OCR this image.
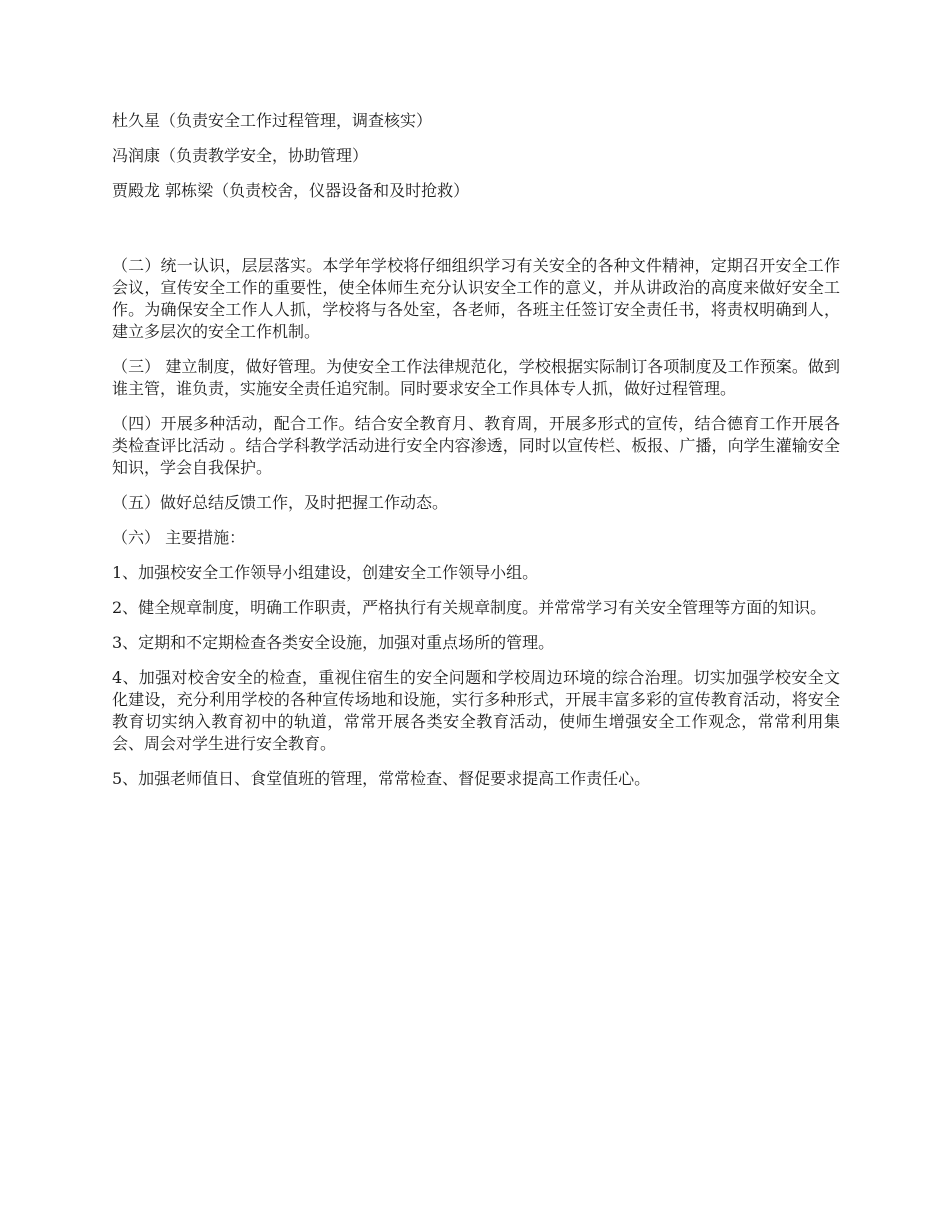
杜久星（负责安全工作过程管理，调查核实）

冯润康（负责教学安全，协助管理）

贾殿龙 郭栋梁（负责校舍，仪器设备和及时抢救）

（二）统一认识，层层落实。本学年学校将仔细组织学习有关安全的各种文件精神，定期召开安全工作会议，宣传安全工作的重要性，使全体师生充分认识安全工作的意义，并从讲政治的高度来做好安全工作。为确保安全工作人人抓，学校将与各处室，各老师，各班主任签订安全责任书，将责权明确到人，建立多层次的安全工作机制。

（三） 建立制度，做好管理。为使安全工作法律规范化，学校根据实际制订各项制度及工作预案。做到谁主管，谁负责，实施安全责任追究制。同时要求安全工作具体专人抓，做好过程管理。

（四）开展多种活动，配合工作。结合安全教育月、教育周，开展多形式的宣传，结合德育工作开展各类检查评比活动 。结合学科教学活动进行安全内容渗透，同时以宣传栏、板报、广播，向学生灌输安全知识，学会自我保护。

（五）做好总结反馈工作，及时把握工作动态。

（六） 主要措施：

1、加强校安全工作领导小组建设，创建安全工作领导小组。

2、健全规章制度，明确工作职责，严格执行有关规章制度。并常常学习有关安全管理等方面的知识。

3、定期和不定期检查各类安全设施，加强对重点场所的管理。

4、加强对校舍安全的检查，重视住宿生的安全问题和学校周边环境的综合治理。切实加强学校安全文化建设，充分利用学校的各种宣传场地和设施，实行多种形式，开展丰富多彩的宣传教育活动，将安全教育切实纳入教育初中的轨道，常常开展各类安全教育活动，使师生增强安全工作观念，常常利用集会、周会对学生进行安全教育。

5、加强老师值日、食堂值班的管理，常常检查、督促要求提高工作责任心。
